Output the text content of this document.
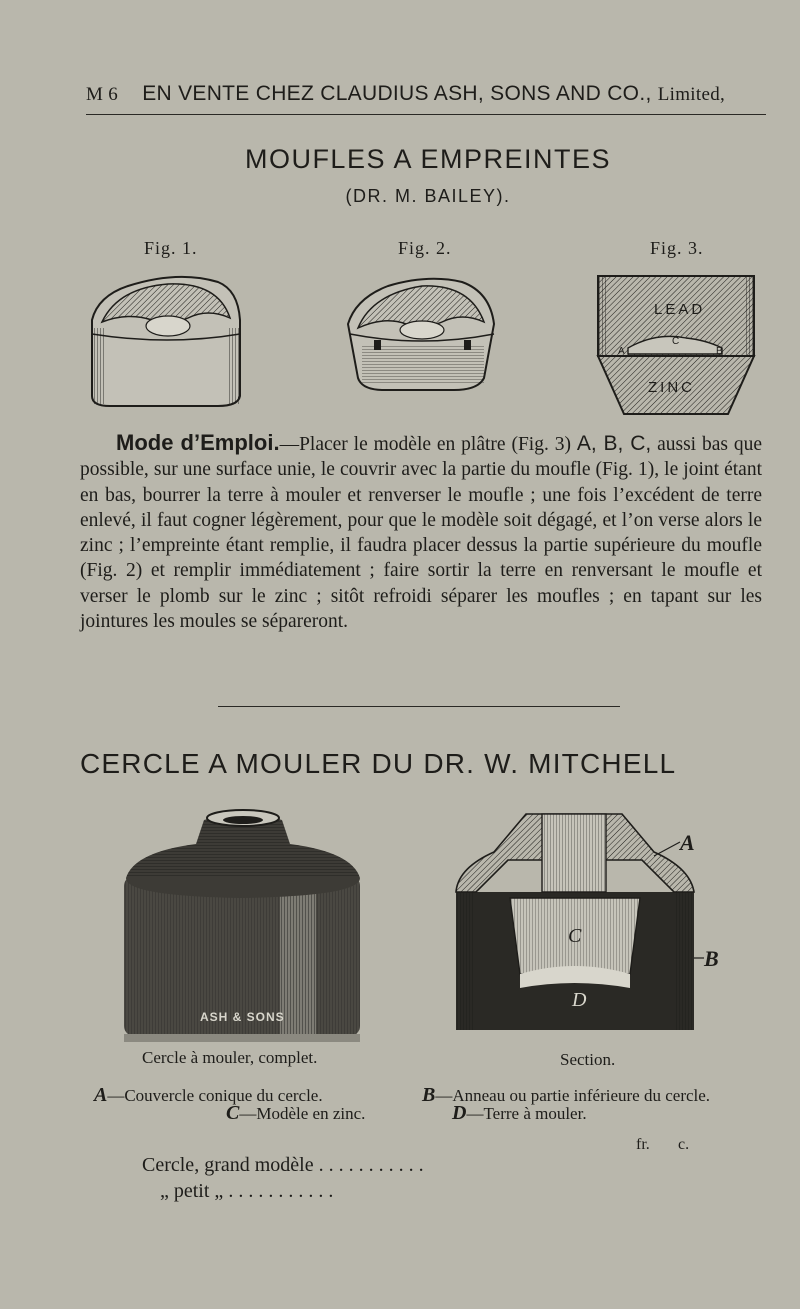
M 6 EN VENTE CHEZ CLAUDIUS ASH, SONS AND CO., Limited,
MOUFLES A EMPREINTES
(DR. M. BAILEY).
Fig. 1.	Fig. 2.	Fig. 3.
LEAD
ZINC
A
C
B
Mode d’Emploi.—Placer le modèle en plâtre (Fig. 3) A, B, C, aussi bas que possible, sur une surface unie, le couvrir avec la partie du moufle (Fig. 1), le joint étant en bas, bourrer la terre à mouler et renverser le moufle ; une fois l’excédent de terre enlevé, il faut cogner légèrement, pour que le modèle soit dégagé, et l’on verse alors le zinc ; l’empreinte étant remplie, il faudra placer dessus la partie supérieure du moufle (Fig. 2) et remplir immédiatement ; faire sortir la terre en renversant le moufle et verser le plomb sur le zinc ; sitôt refroidi séparer les moufles ; en tapant sur les jointures les moules se sépareront.
CERCLE A MOULER DU DR. W. MITCHELL
ASH & SONS
C
D
A
B
Cercle à mouler, complet.	Section.
A—Couvercle conique du cercle.	B—Anneau ou partie inférieure du cercle.
C—Modèle en zinc.	D—Terre à mouler.
fr. c.
Cercle, grand modèle . . . . . . . . . . .
„ petit „ . . . . . . . . . . .
